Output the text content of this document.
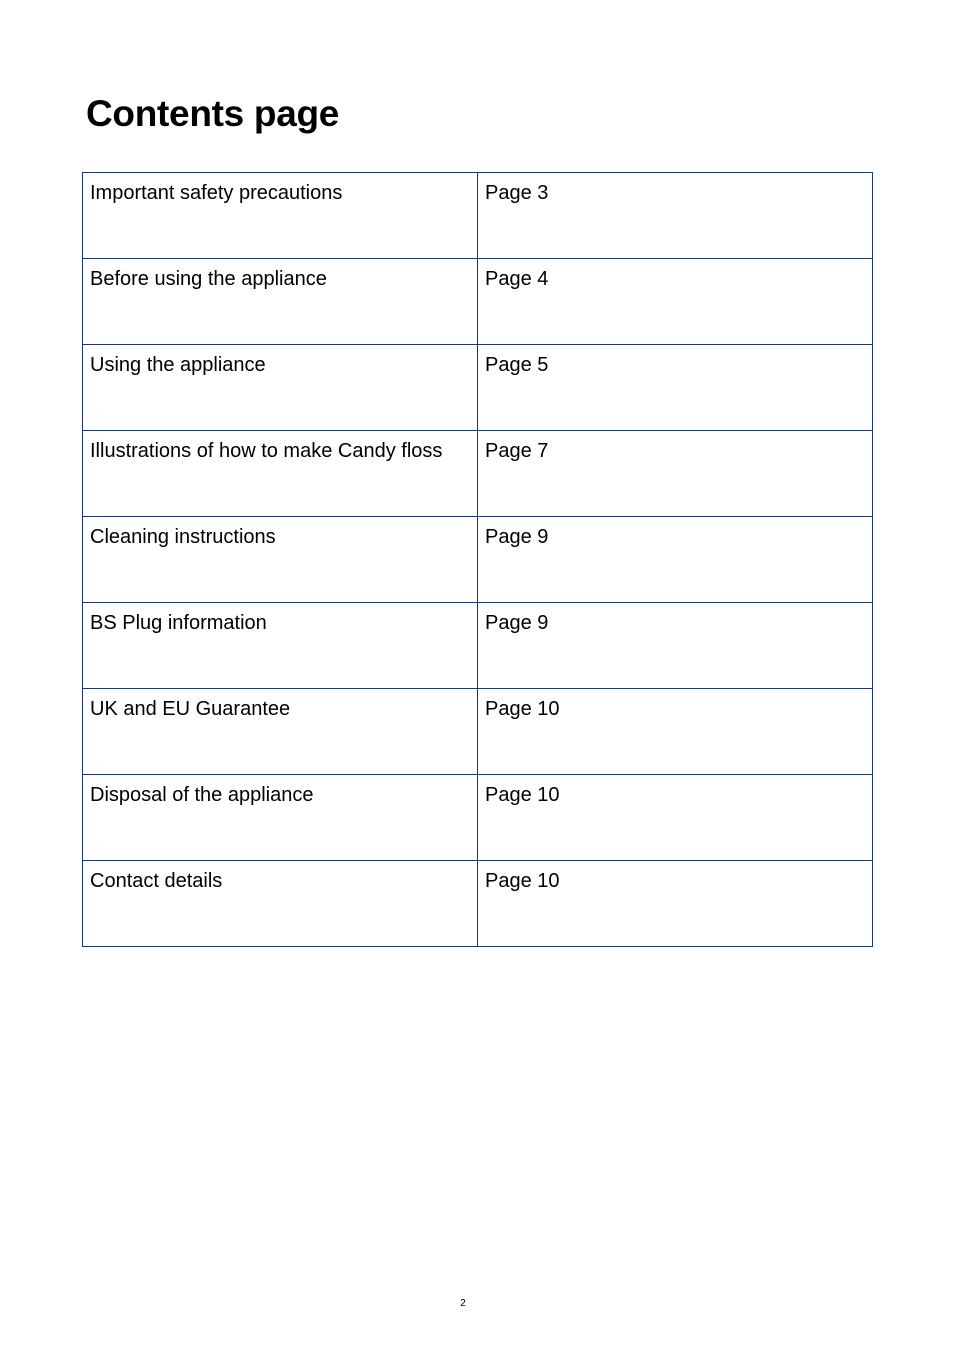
Contents page
Important safety precautions	Page 3
Before using the appliance	Page 4
Using the appliance	Page 5
Illustrations of how to make Candy floss	Page 7
Cleaning instructions	Page 9
BS Plug information	Page 9
UK and EU Guarantee	Page 10
Disposal of the appliance	Page 10
Contact details	Page 10
2
